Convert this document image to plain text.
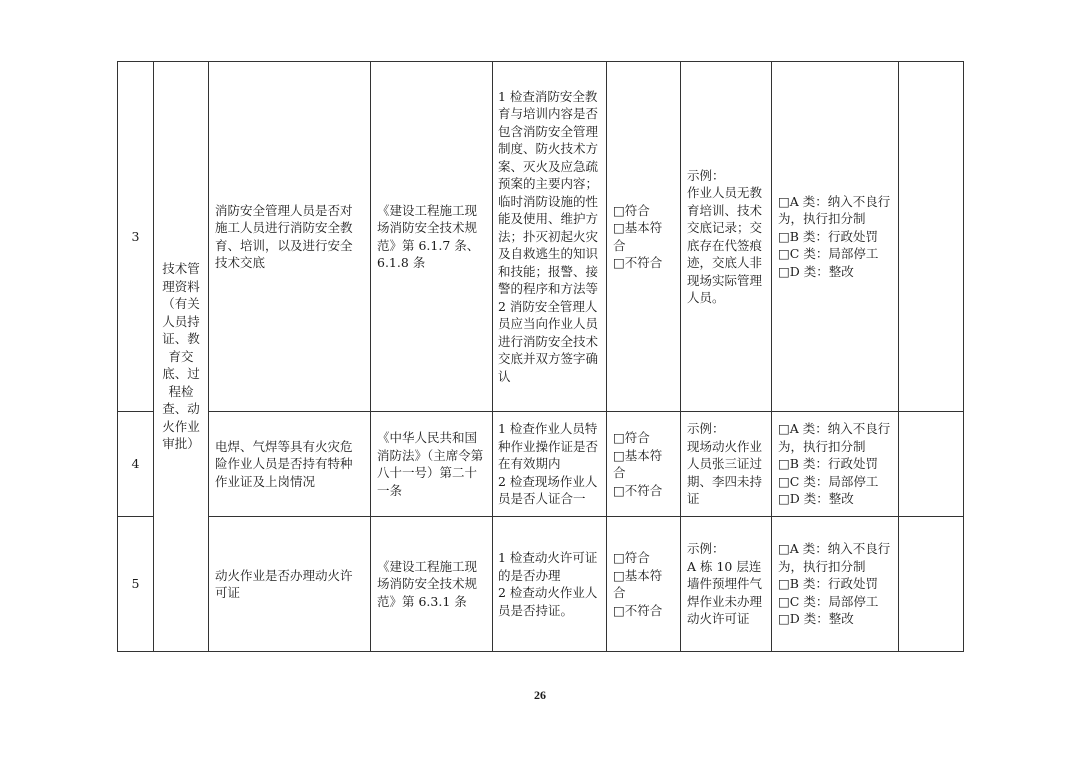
3	技术管理资料（有关人员持证、教育交底、过程检查、动火作业审批）	消防安全管理人员是否对施工人员进行消防安全教育、培训，以及进行安全技术交底	《建设工程施工现场消防安全技术规范》第 6.1.7 条、6.1.8 条	1 检查消防安全教育与培训内容是否包含消防安全管理制度、防火技术方案、灭火及应急疏预案的主要内容；临时消防设施的性能及使用、维护方法；扑灭初起火灾及自救逃生的知识和技能；报警、接警的程序和方法等
2 消防安全管理人员应当向作业人员进行消防安全技术交底并双方签字确认	□符合
□基本符合
□不符合	示例：
作业人员无教育培训、技术交底记录；交底存在代签痕迹，交底人非现场实际管理人员。	□A 类：纳入不良行为，执行扣分制
□B 类：行政处罚
□C 类：局部停工
□D 类：整改	
4		电焊、气焊等具有火灾危险作业人员是否持有特种作业证及上岗情况	《中华人民共和国消防法》（主席令第八十一号）第二十一条	1 检查作业人员特种作业操作证是否在有效期内
2 检查现场作业人员是否人证合一	□符合
□基本符合
□不符合	示例：
现场动火作业人员张三证过期、李四未持证	□A 类：纳入不良行为，执行扣分制
□B 类：行政处罚
□C 类：局部停工
□D 类：整改	
5		动火作业是否办理动火许可证	《建设工程施工现场消防安全技术规范》第 6.3.1 条	1 检查动火许可证的是否办理
2 检查动火作业人员是否持证。	□符合
□基本符合
□不符合	示例：
A 栋 10 层连墙件预埋件气焊作业未办理动火许可证	□A 类：纳入不良行为，执行扣分制
□B 类：行政处罚
□C 类：局部停工
□D 类：整改	
26
